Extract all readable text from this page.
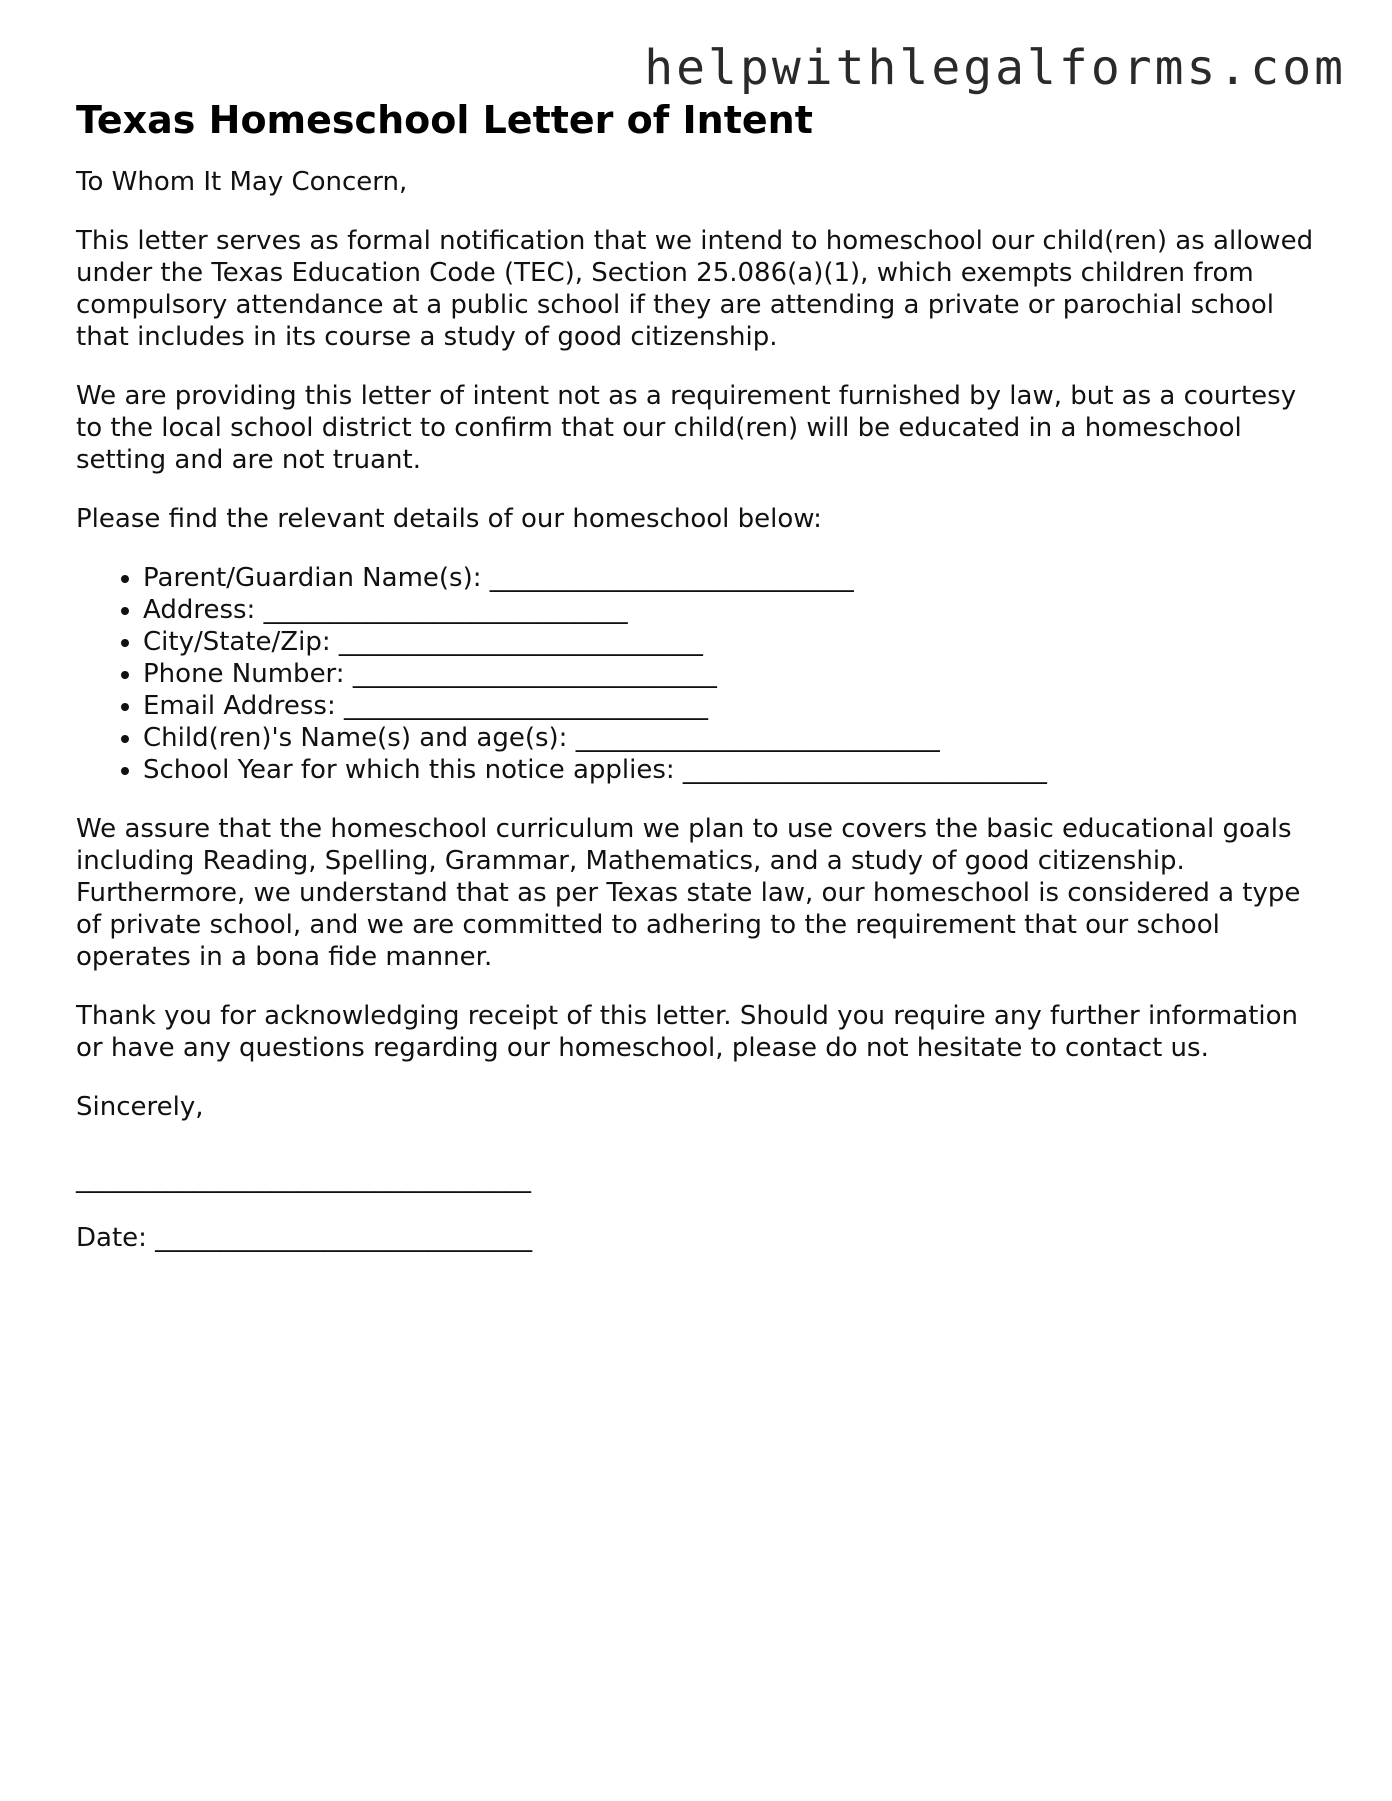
helpwithlegalforms.com
Texas Homeschool Letter of Intent

To Whom It May Concern,

This letter serves as formal notification that we intend to homeschool our child(ren) as allowed under the Texas Education Code (TEC), Section 25.086(a)(1), which exempts children from compulsory attendance at a public school if they are attending a private or parochial school that includes in its course a study of good citizenship.

We are providing this letter of intent not as a requirement furnished by law, but as a courtesy to the local school district to confirm that our child(ren) will be educated in a homeschool setting and are not truant.

Please find the relevant details of our homeschool below:

• Parent/Guardian Name(s): ____________________________
• Address: ____________________________
• City/State/Zip: ____________________________
• Phone Number: ____________________________
• Email Address: ____________________________
• Child(ren)'s Name(s) and age(s): ____________________________
• School Year for which this notice applies: ____________________________

We assure that the homeschool curriculum we plan to use covers the basic educational goals including Reading, Spelling, Grammar, Mathematics, and a study of good citizenship. Furthermore, we understand that as per Texas state law, our homeschool is considered a type of private school, and we are committed to adhering to the requirement that our school operates in a bona fide manner.

Thank you for acknowledging receipt of this letter. Should you require any further information or have any questions regarding our homeschool, please do not hesitate to contact us.

Sincerely,

___________________________________
Date: _____________________________
